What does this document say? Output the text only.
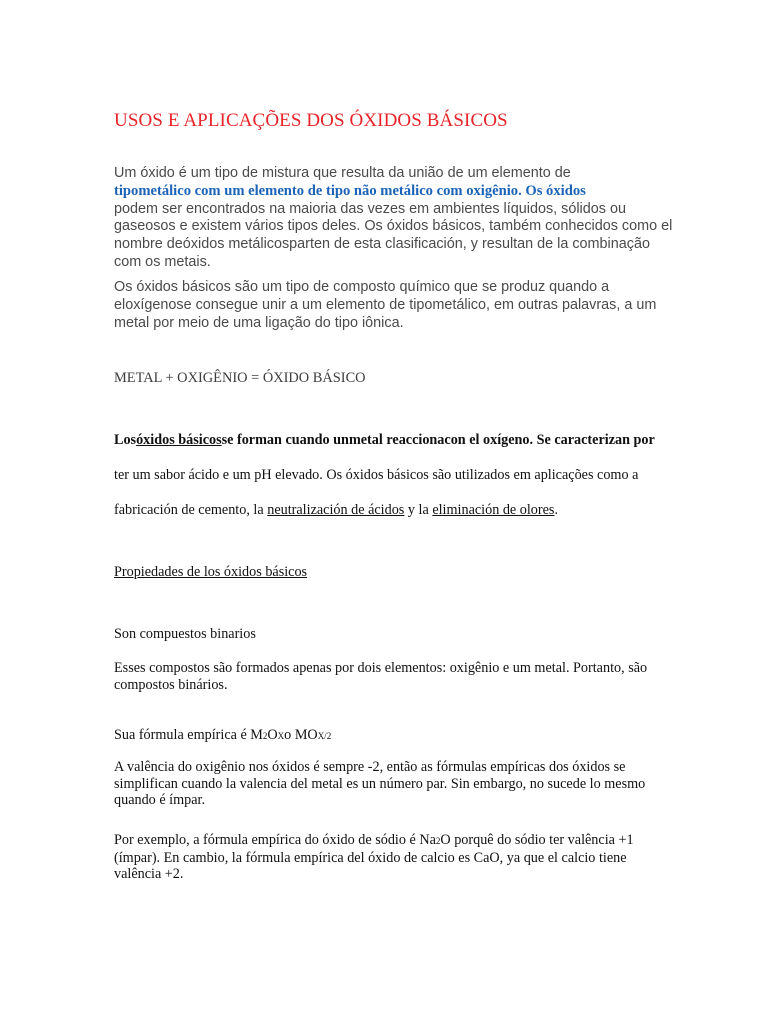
USOS E APLICAÇÕES DOS ÓXIDOS BÁSICOS
Um óxido é um tipo de mistura que resulta da união de um elemento de
tipometálico com um elemento de tipo não metálico com oxigênio. Os óxidos
podem ser encontrados na maioria das vezes em ambientes líquidos, sólidos ou gaseosos e existem vários tipos deles. Os óxidos básicos, também conhecidos como el nombre deóxidos metálicosparten de esta clasificación, y resultan de la combinação com os metais.
Os óxidos básicos são um tipo de composto químico que se produz quando a eloxígenose consegue unir a um elemento de tipometálico, em outras palavras, a um metal por meio de uma ligação do tipo iônica.
METAL + OXIGÊNIO = ÓXIDO BÁSICO
Losóxidos básicosse forman cuando unmetal reaccionacon el oxígeno. Se caracterizan por
ter um sabor ácido e um pH elevado. Os óxidos básicos são utilizados em aplicações como a
fabricación de cemento, la neutralización de ácidos y la eliminación de olores.
Propiedades de los óxidos básicos
Son compuestos binarios
Esses compostos são formados apenas por dois elementos: oxigênio e um metal. Portanto, são compostos binários.
Sua fórmula empírica é M2OXo MOX/2
A valência do oxigênio nos óxidos é sempre -2, então as fórmulas empíricas dos óxidos se simplifican cuando la valencia del metal es un número par. Sin embargo, no sucede lo mesmo quando é ímpar.
Por exemplo, a fórmula empírica do óxido de sódio é Na2O porquê do sódio ter valência +1 (ímpar). En cambio, la fórmula empírica del óxido de calcio es CaO, ya que el calcio tiene valência +2.
